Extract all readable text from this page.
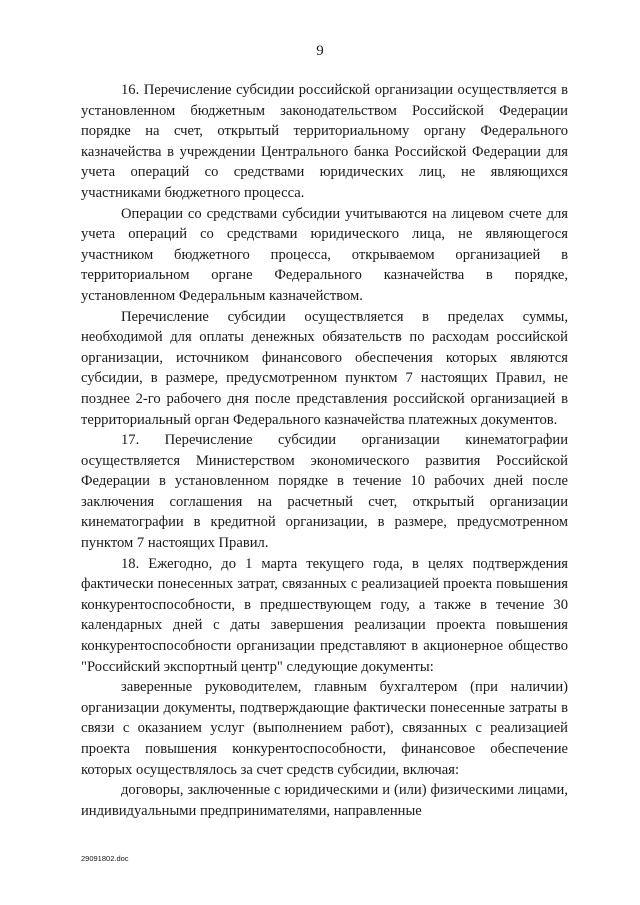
9

16. Перечисление субсидии российской организации осуществляется в установленном бюджетным законодательством Российской Федерации порядке на счет, открытый территориальному органу Федерального казначейства в учреждении Центрального банка Российской Федерации для учета операций со средствами юридических лиц, не являющихся участниками бюджетного процесса.

Операции со средствами субсидии учитываются на лицевом счете для учета операций со средствами юридического лица, не являющегося участником бюджетного процесса, открываемом организацией в территориальном органе Федерального казначейства в порядке, установленном Федеральным казначейством.

Перечисление субсидии осуществляется в пределах суммы, необходимой для оплаты денежных обязательств по расходам российской организации, источником финансового обеспечения которых являются субсидии, в размере, предусмотренном пунктом 7 настоящих Правил, не позднее 2-го рабочего дня после представления российской организацией в территориальный орган Федерального казначейства платежных документов.

17. Перечисление субсидии организации кинематографии осуществляется Министерством экономического развития Российской Федерации в установленном порядке в течение 10 рабочих дней после заключения соглашения на расчетный счет, открытый организации кинематографии в кредитной организации, в размере, предусмотренном пунктом 7 настоящих Правил.

18. Ежегодно, до 1 марта текущего года, в целях подтверждения фактически понесенных затрат, связанных с реализацией проекта повышения конкурентоспособности, в предшествующем году, а также в течение 30 календарных дней с даты завершения реализации проекта повышения конкурентоспособности организации представляют в акционерное общество "Российский экспортный центр" следующие документы:

заверенные руководителем, главным бухгалтером (при наличии) организации документы, подтверждающие фактически понесенные затраты в связи с оказанием услуг (выполнением работ), связанных с реализацией проекта повышения конкурентоспособности, финансовое обеспечение которых осуществлялось за счет средств субсидии, включая:

договоры, заключенные с юридическими и (или) физическими лицами, индивидуальными предпринимателями, направленные

29091802.doc
